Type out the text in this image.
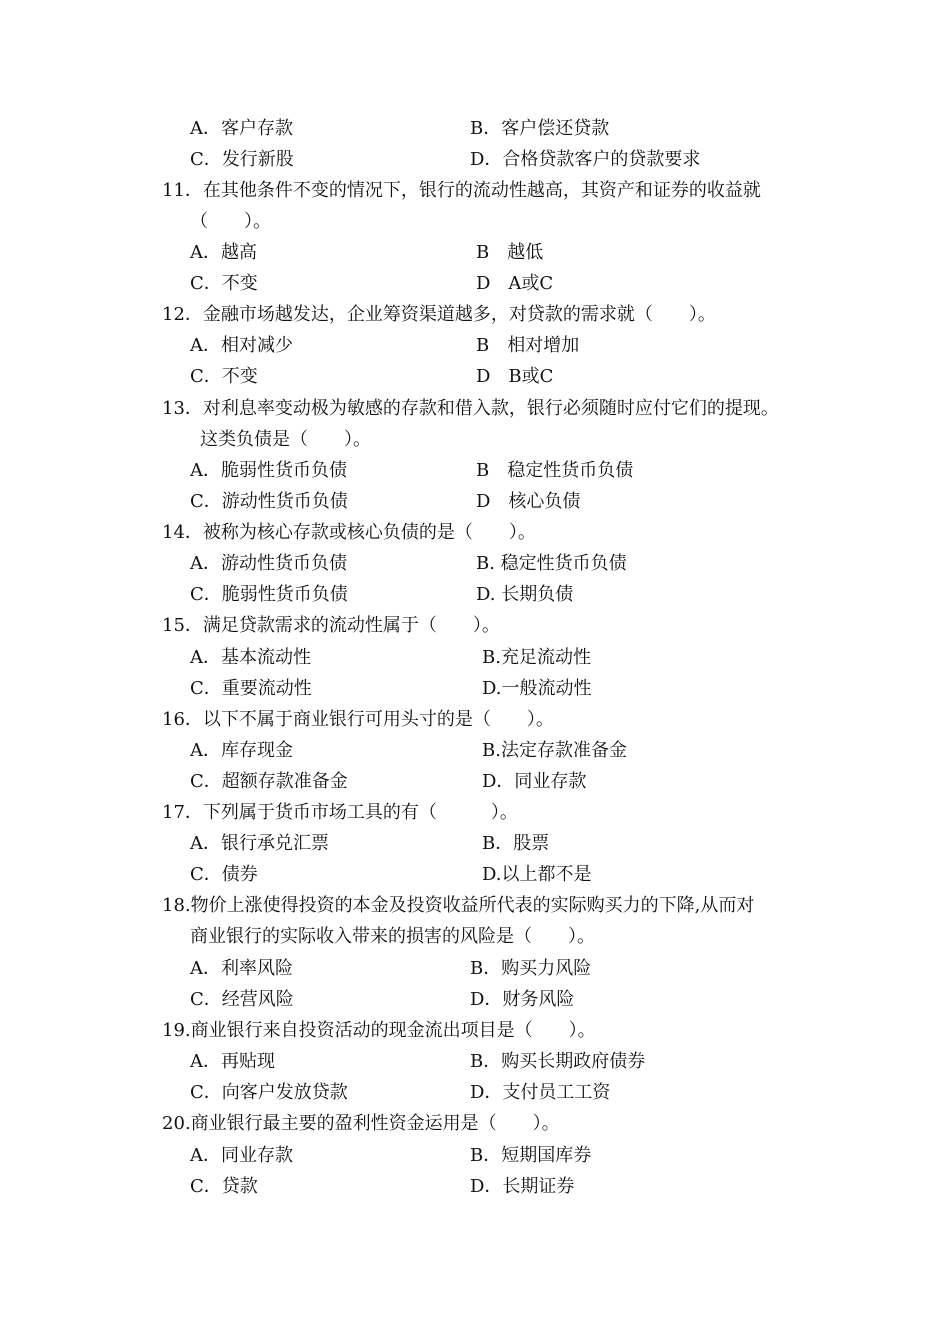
A．客户存款	B．客户偿还贷款
C．发行新股	D．合格贷款客户的贷款要求
11．在其他条件不变的情况下，银行的流动性越高，其资产和证券的收益就
（　　）。
A．越高	B　越低
C．不变	D　A或C
12．金融市场越发达，企业筹资渠道越多，对贷款的需求就（　　）。
A．相对减少	B　相对增加
C．不变	D　B或C
13．对利息率变动极为敏感的存款和借入款，银行必须随时应付它们的提现。
这类负债是（　　）。
A．脆弱性货币负债	B　稳定性货币负债
C．游动性货币负债	D　核心负债
14．被称为核心存款或核心负债的是（　　）。
A．游动性货币负债	B. 稳定性货币负债
C．脆弱性货币负债	D. 长期负债
15．满足贷款需求的流动性属于（　　）。
A．基本流动性	B.充足流动性
C．重要流动性	D.一般流动性
16．以下不属于商业银行可用头寸的是（　　）。
A．库存现金	B.法定存款准备金
C．超额存款准备金	D．同业存款
17．下列属于货币市场工具的有（　　　）。
A．银行承兑汇票	B．股票
C．债券	D.以上都不是
18.物价上涨使得投资的本金及投资收益所代表的实际购买力的下降,从而对
商业银行的实际收入带来的损害的风险是（　　）。
A．利率风险	B．购买力风险
C．经营风险	D．财务风险
19.商业银行来自投资活动的现金流出项目是（　　）。
A．再贴现	B．购买长期政府债券
C．向客户发放贷款	D．支付员工工资
20.商业银行最主要的盈利性资金运用是（　　）。
A．同业存款	B．短期国库券
C．贷款	D．长期证券
